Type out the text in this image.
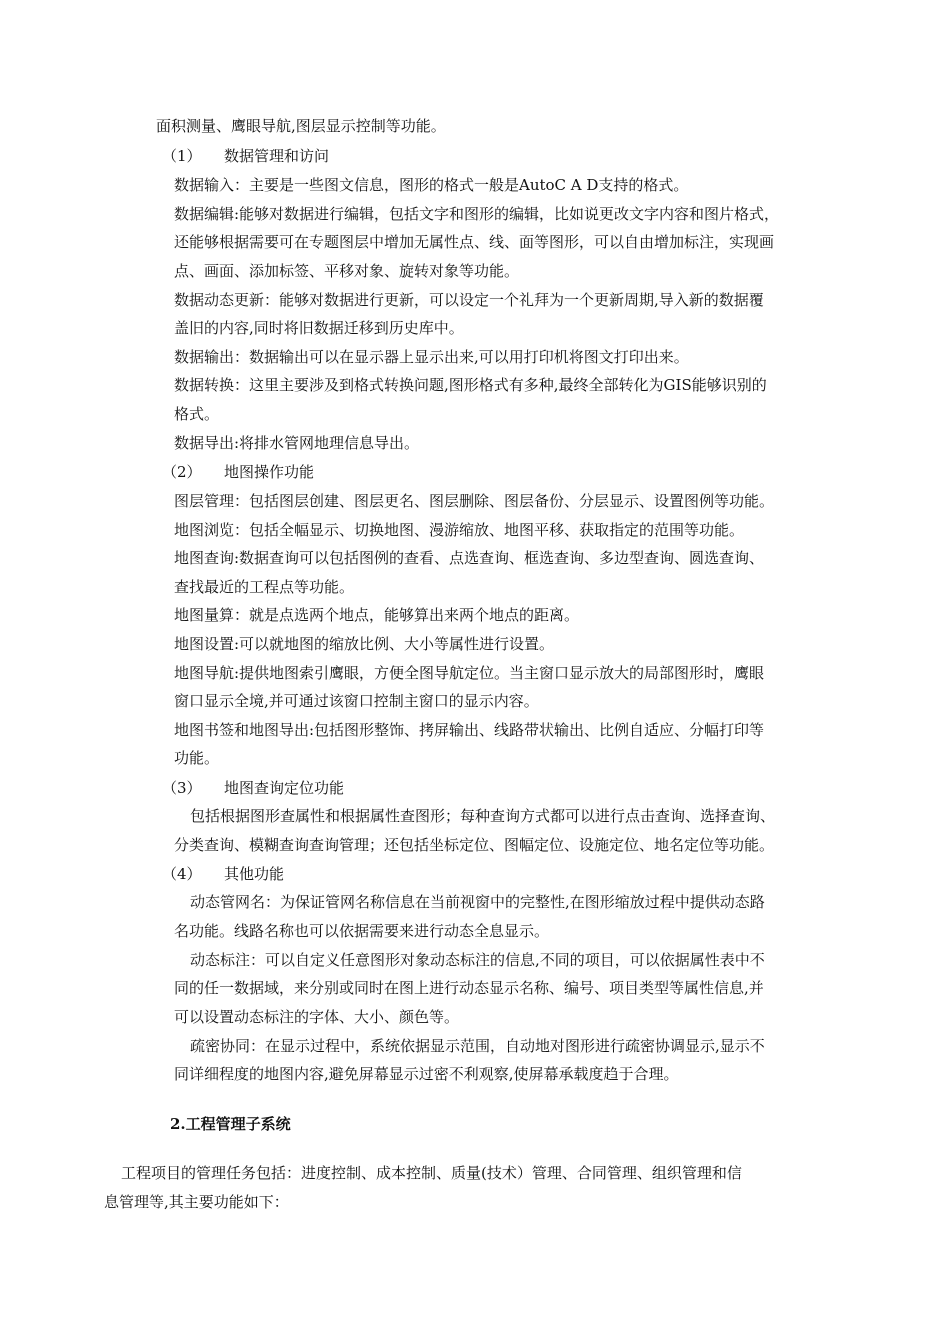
面积测量、鹰眼导航,图层显示控制等功能。
（1） 数据管理和访问
数据输入：主要是一些图文信息，图形的格式一般是AutoC A D支持的格式。
数据编辑:能够对数据进行编辑，包括文字和图形的编辑，比如说更改文字内容和图片格式，
还能够根据需要可在专题图层中增加无属性点、线、面等图形，可以自由增加标注，实现画
点、画面、添加标签、平移对象、旋转对象等功能。
数据动态更新：能够对数据进行更新，可以设定一个礼拜为一个更新周期,导入新的数据覆
盖旧的内容,同时将旧数据迁移到历史库中。
数据输出：数据输出可以在显示器上显示出来,可以用打印机将图文打印出来。
数据转换：这里主要涉及到格式转换问题,图形格式有多种,最终全部转化为GIS能够识别的
格式。
数据导出:将排水管网地理信息导出。
（2） 地图操作功能
图层管理：包括图层创建、图层更名、图层删除、图层备份、分层显示、设置图例等功能。
地图浏览：包括全幅显示、切换地图、漫游缩放、地图平移、获取指定的范围等功能。
地图查询:数据查询可以包括图例的查看、点选查询、框选查询、多边型查询、圆选查询、
查找最近的工程点等功能。
地图量算：就是点选两个地点，能够算出来两个地点的距离。
地图设置:可以就地图的缩放比例、大小等属性进行设置。
地图导航:提供地图索引鹰眼，方便全图导航定位。当主窗口显示放大的局部图形时，鹰眼
窗口显示全境,并可通过该窗口控制主窗口的显示内容。
地图书签和地图导出:包括图形整饰、拷屏输出、线路带状输出、比例自适应、分幅打印等
功能。
（3） 地图查询定位功能
包括根据图形查属性和根据属性查图形；每种查询方式都可以进行点击查询、选择查询、
分类查询、模糊查询查询管理；还包括坐标定位、图幅定位、设施定位、地名定位等功能。
（4） 其他功能
动态管网名：为保证管网名称信息在当前视窗中的完整性,在图形缩放过程中提供动态路
名功能。线路名称也可以依据需要来进行动态全息显示。
动态标注：可以自定义任意图形对象动态标注的信息,不同的项目，可以依据属性表中不
同的任一数据域，来分别或同时在图上进行动态显示名称、编号、项目类型等属性信息,并
可以设置动态标注的字体、大小、颜色等。
疏密协同：在显示过程中，系统依据显示范围，自动地对图形进行疏密协调显示,显示不
同详细程度的地图内容,避免屏幕显示过密不利观察,使屏幕承载度趋于合理。
2.工程管理子系统
工程项目的管理任务包括：进度控制、成本控制、质量(技术）管理、合同管理、组织管理和信
息管理等,其主要功能如下：
